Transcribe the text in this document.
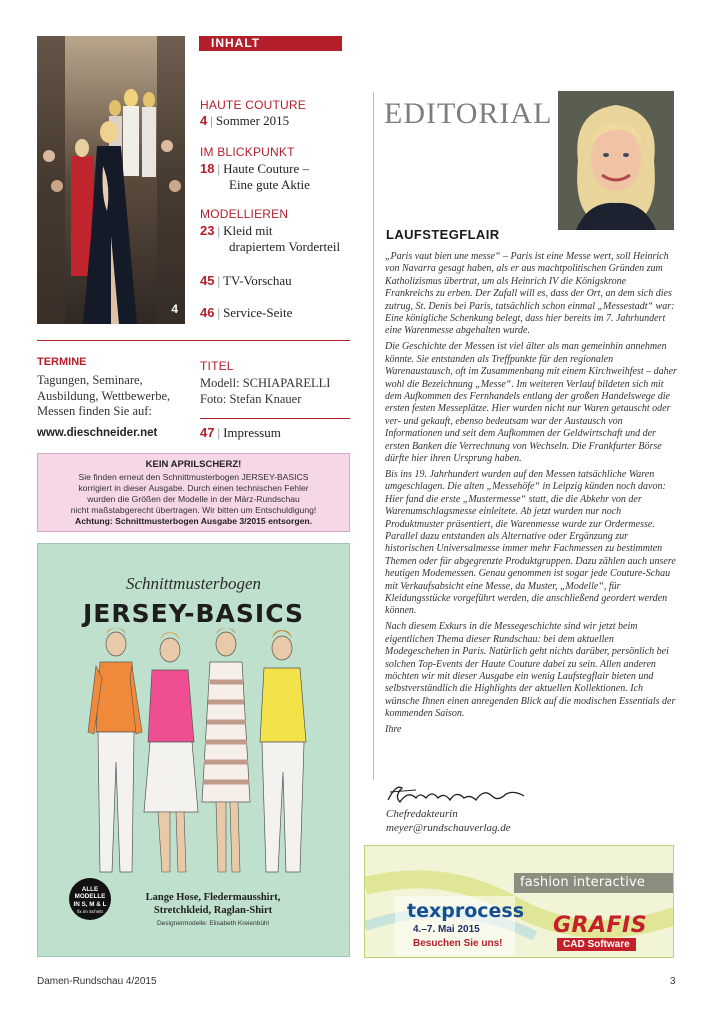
4
INHALT
HAUTE COUTURE
4 | Sommer 2015
IM BLICKPUNKT
18 | Haute Couture –
Eine gute Aktie
MODELLIEREN
23 | Kleid mit
drapiertem Vorderteil
45 | TV-Vorschau
46 | Service-Seite
TERMINE
Tagungen, Seminare,
Ausbildung, Wettbewerbe,
Messen finden Sie auf:
www.dieschneider.net
TITEL
Modell: SCHIAPARELLI
Foto: Stefan Knauer
47 | Impressum
KEIN APRILSCHERZ!
Sie finden erneut den Schnittmusterbogen JERSEY-BASICS
korrigiert in dieser Ausgabe. Durch einen technischen Fehler
wurden die Größen der Modelle in der März-Rundschau
nicht maßstabgerecht übertragen. Wir bitten um Entschuldigung!
Achtung: Schnittmusterbogen Ausgabe 3/2015 entsorgen.
Schnittmusterbogen
JERSEY-BASICS
ALLE
MODELLE
IN S, M & L
fix im Schnitt
Lange Hose, Fledermausshirt,
Stretchkleid, Raglan-Shirt
Designermodelle: Elisabeth Kreienbühl
EDITORIAL
LAUFSTEGFLAIR

„Paris vaut bien une messe“ – Paris ist eine Messe wert, soll Heinrich von Navarra gesagt haben, als er aus machtpolitischen Gründen zum Katholizismus übertrat, um als Heinrich IV die Königskrone Frankreichs zu erben. Der Zufall will es, dass der Ort, an dem sich dies zutrug, St. Denis bei Paris, tatsächlich schon einmal „Messestadt“ war: Eine königliche Schenkung belegt, dass hier bereits im 7. Jahrhundert eine Warenmesse abgehalten wurde.

Die Geschichte der Messen ist viel älter als man gemeinhin annehmen könnte. Sie entstanden als Treffpunkte für den regionalen Warenaustausch, oft im Zusammenhang mit einem Kirchweihfest – daher wohl die Bezeichnung „Messe“. Im weiteren Verlauf bildeten sich mit dem Aufkommen des Fernhandels entlang der großen Handelswege die ersten festen Messeplätze. Hier wurden nicht nur Waren getauscht oder ver- und gekauft, ebenso bedeutsam war der Austausch von Informationen und seit dem Aufkommen der Geldwirtschaft und der ersten Banken die Verrechnung von Wechseln. Die Frankfurter Börse dürfte hier ihren Ursprung haben.

Bis ins 19. Jahrhundert wurden auf den Messen tatsächliche Waren umgeschlagen. Die alten „Messehöfe“ in Leipzig künden noch davon: Hier fand die erste „Mustermesse“ statt, die die Abkehr von der Warenumschlagsmesse einleitete. Ab jetzt wurden nur noch Produktmuster präsentiert, die Warenmesse wurde zur Ordermesse. Parallel dazu entstanden als Alternative oder Ergänzung zur historischen Universalmesse immer mehr Fachmessen zu bestimmten Themen oder für abgegrenzte Produktgruppen. Dazu zählen auch unsere heutigen Modemessen. Genau genommen ist sogar jede Couture-Schau mit Verkaufsabsicht eine Messe, da Muster, „Modelle“, für Kleidungsstücke vorgeführt werden, die anschließend geordert werden können.

Nach diesem Exkurs in die Messegeschichte sind wir jetzt beim eigentlichen Thema dieser Rundschau: bei dem aktuellen Modegeschehen in Paris. Natürlich geht nichts darüber, persönlich bei solchen Top-Events der Haute Couture dabei zu sein. Allen anderen möchten wir mit dieser Ausgabe ein wenig Laufstegflair bieten und selbstverständlich die Highlights der aktuellen Kollektionen. Ich wünsche Ihnen einen anregenden Blick auf die modischen Essentials der kommenden Saison.

Ihre

Chefredakteurin
meyer@rundschauverlag.de
fashion interactive
texprocess
4.–7. Mai 2015
Besuchen Sie uns!
GRAFIS
CAD Software
Damen-Rundschau 4/2015	3
